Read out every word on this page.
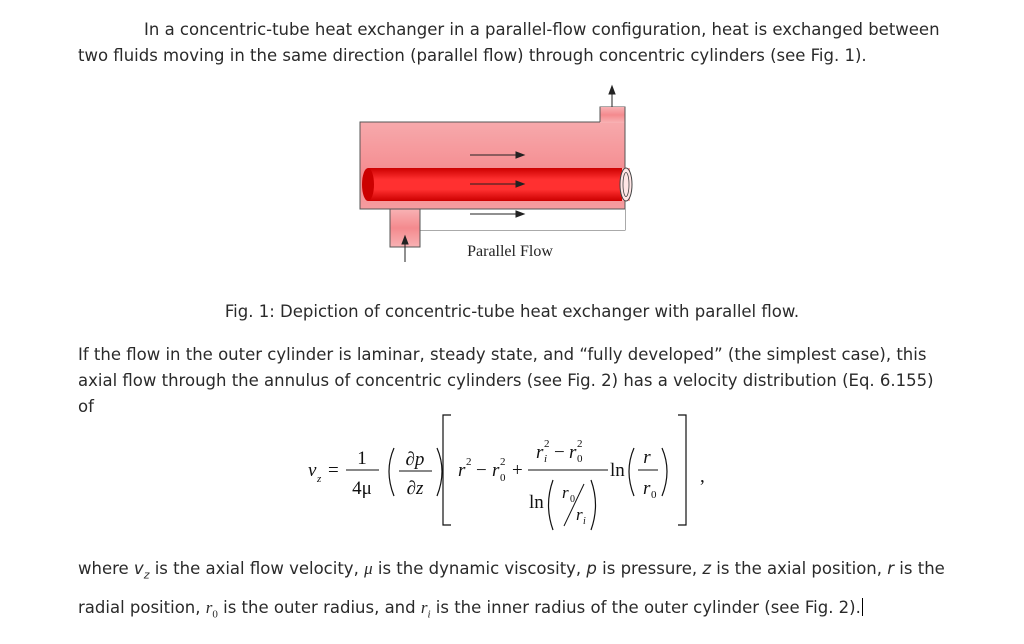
In a concentric-tube heat exchanger in a parallel-flow configuration, heat is exchanged between two fluids moving in the same direction (parallel flow) through concentric cylinders (see Fig. 1).
Parallel Flow
Fig. 1: Depiction of concentric-tube heat exchanger with parallel flow.
If the flow in the outer cylinder is laminar, steady state, and “fully developed” (the simplest case), this axial flow through the annulus of concentric cylinders (see Fig. 2) has a velocity distribution (Eq. 6.155) of
v z =
1
4μ
∂p
∂z
r 2 − r 2
0 +
r 2
i − r 2
0
ln r 0
r i
ln
r
r 0
,
where $v_z$ is the axial flow velocity, μ is the dynamic viscosity, p is pressure, z is the axial position, r is the radial position, $r_0$ is the outer radius, and $r_i$ is the inner radius of the outer cylinder (see Fig. 2).
